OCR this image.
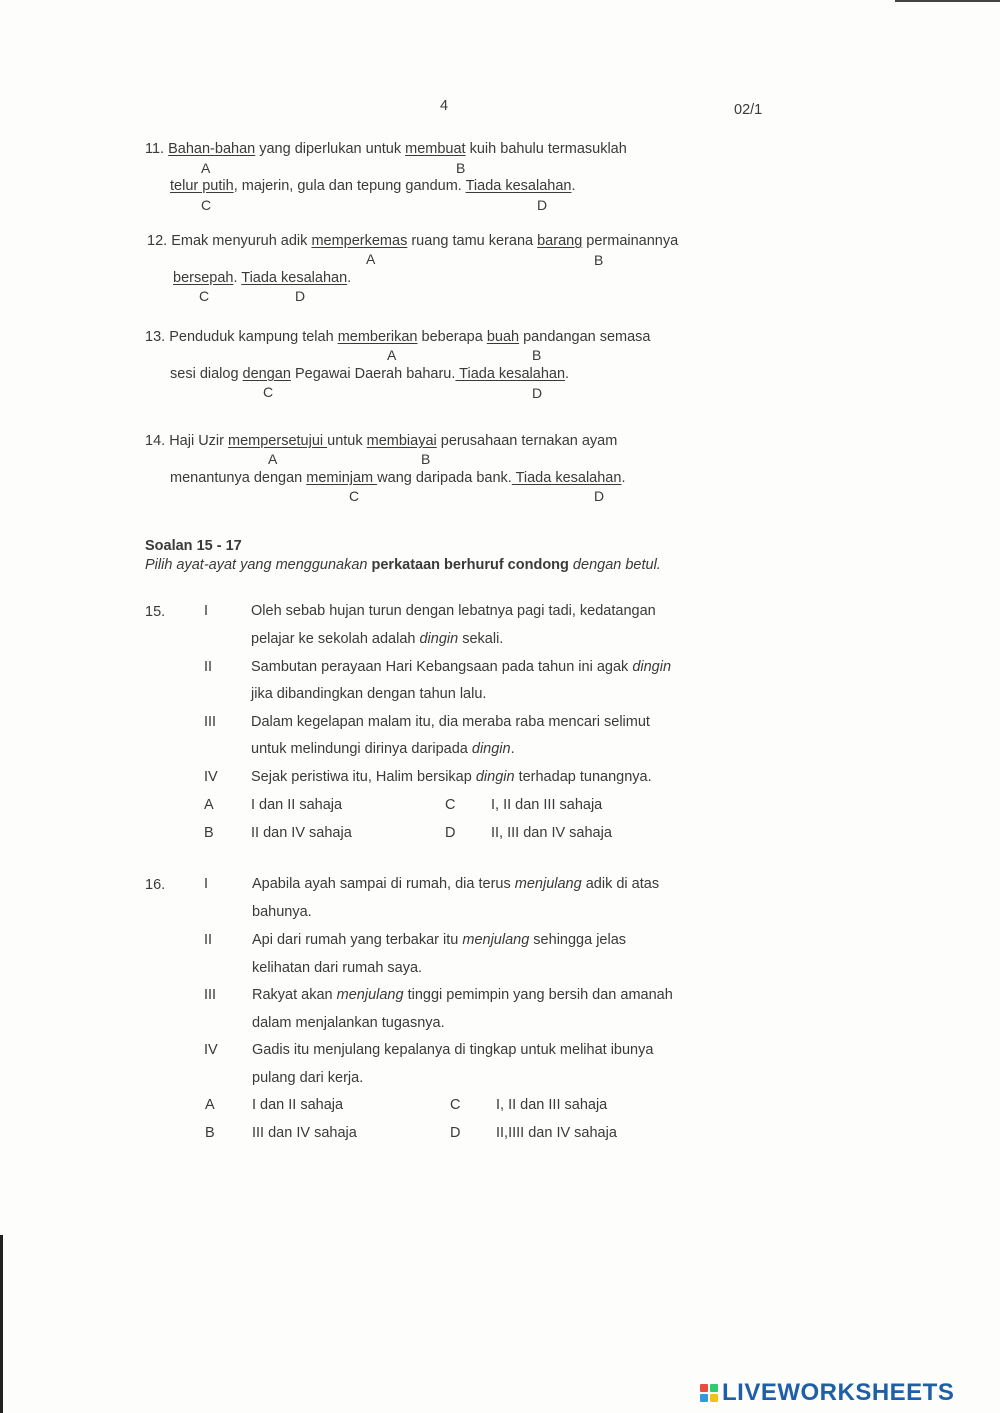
4	02/1
11. Bahan-bahan yang diperlukan untuk membuat kuih bahulu termasuklah
A	B
telur putih, majerin, gula dan tepung gandum. Tiada kesalahan.
C	D
12. Emak menyuruh adik memperkemas ruang tamu kerana barang permainannya
A	B
bersepah. Tiada kesalahan.
C	D
13. Penduduk kampung telah memberikan beberapa buah pandangan semasa
A	B
sesi dialog dengan Pegawai Daerah baharu. Tiada kesalahan.
C	D
14. Haji Uzir mempersetujui untuk membiayai perusahaan ternakan ayam
A	B
menantunya dengan meminjam wang daripada bank. Tiada kesalahan.
C	D
Soalan 15 - 17
Pilih ayat-ayat yang menggunakan perkataan berhuruf condong dengan betul.
15.	I	Oleh sebab hujan turun dengan lebatnya pagi tadi, kedatangan
pelajar ke sekolah adalah dingin sekali.
II	Sambutan perayaan Hari Kebangsaan pada tahun ini agak dingin
jika dibandingkan dengan tahun lalu.
III Dalam kegelapan malam itu, dia meraba raba mencari selimut
untuk melindungi dirinya daripada dingin.
IV Sejak peristiwa itu, Halim bersikap dingin terhadap tunangnya.
A	I dan II sahaja	C I, II dan III sahaja
B	II dan IV sahaja	D II, III dan IV sahaja
16.	I	Apabila ayah sampai di rumah, dia terus menjulang adik di atas
bahunya.
II	Api dari rumah yang terbakar itu menjulang sehingga jelas
kelihatan dari rumah saya.
III Rakyat akan menjulang tinggi pemimpin yang bersih dan amanah
dalam menjalankan tugasnya.
IV Gadis itu menjulang kepalanya di tingkap untuk melihat ibunya
pulang dari kerja.
A	I dan II sahaja	C I, II dan III sahaja
B	III dan IV sahaja	D II,IIII dan IV sahaja
LIVEWORKSHEETS
